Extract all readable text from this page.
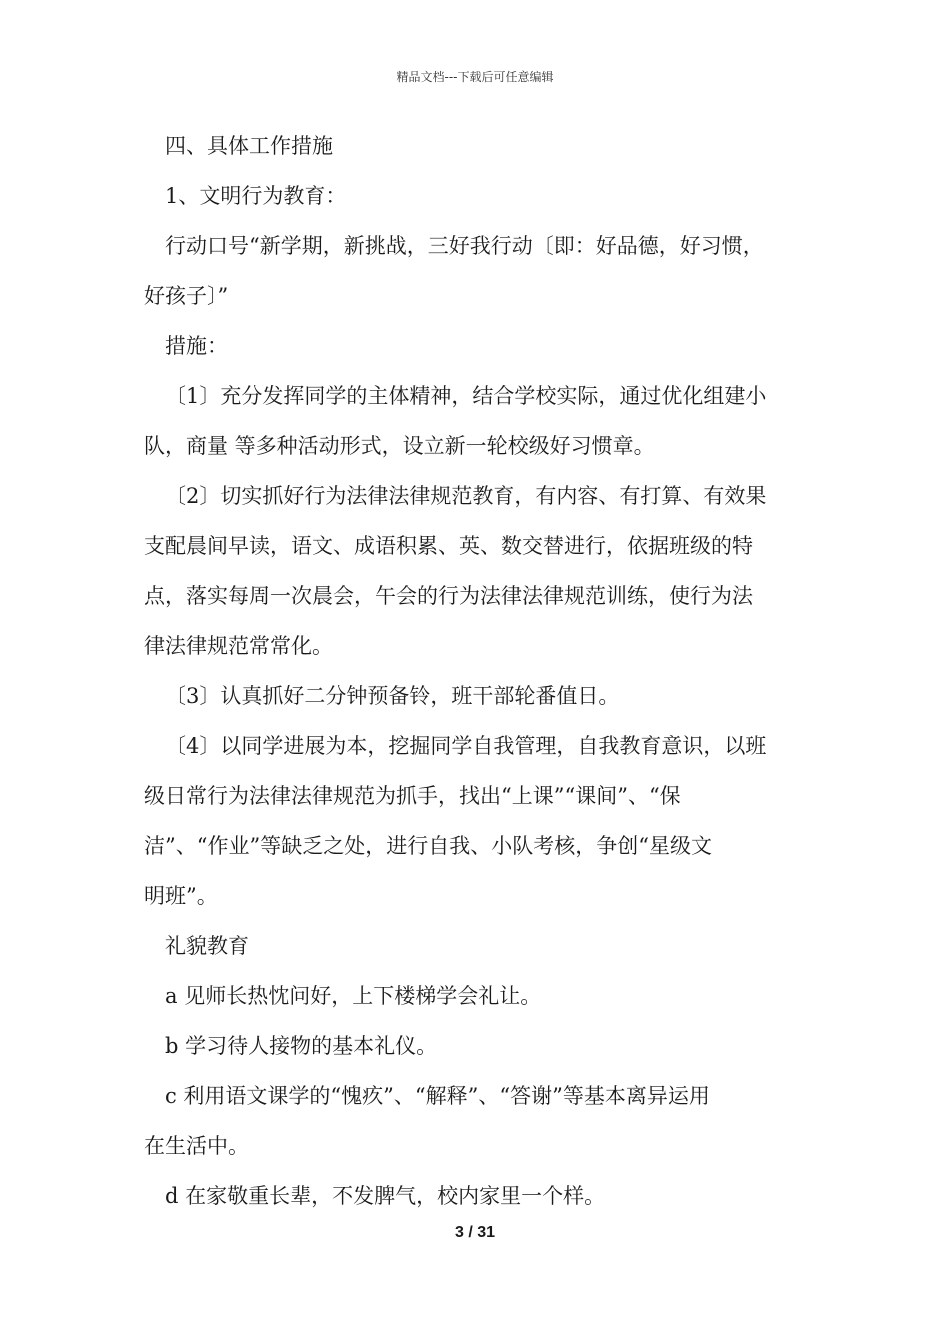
精品文档---下载后可任意编辑
四、具体工作措施
1、文明行为教育：
行动口号“新学期，新挑战，三好我行动〔即：好品德，好习惯，
好孩子〕”
措施：
〔1〕充分发挥同学的主体精神，结合学校实际，通过优化组建小
队，商量 等多种活动形式，设立新一轮校级好习惯章。
〔2〕切实抓好行为法律法律规范教育，有内容、有打算、有效果
支配晨间早读，语文、成语积累、英、数交替进行，依据班级的特
点，落实每周一次晨会，午会的行为法律法律规范训练，使行为法
律法律规范常常化。
〔3〕认真抓好二分钟预备铃，班干部轮番值日。
〔4〕以同学进展为本，挖掘同学自我管理，自我教育意识，以班
级日常行为法律法律规范为抓手，找出“上课”“课间”、“保
洁”、“作业”等缺乏之处，进行自我、小队考核，争创“星级文
明班”。
礼貌教育
a 见师长热忱问好，上下楼梯学会礼让。
b 学习待人接物的基本礼仪。
c 利用语文课学的“愧疚”、“解释”、“答谢”等基本离异运用
在生活中。
d 在家敬重长辈，不发脾气，校内家里一个样。
3 / 31
